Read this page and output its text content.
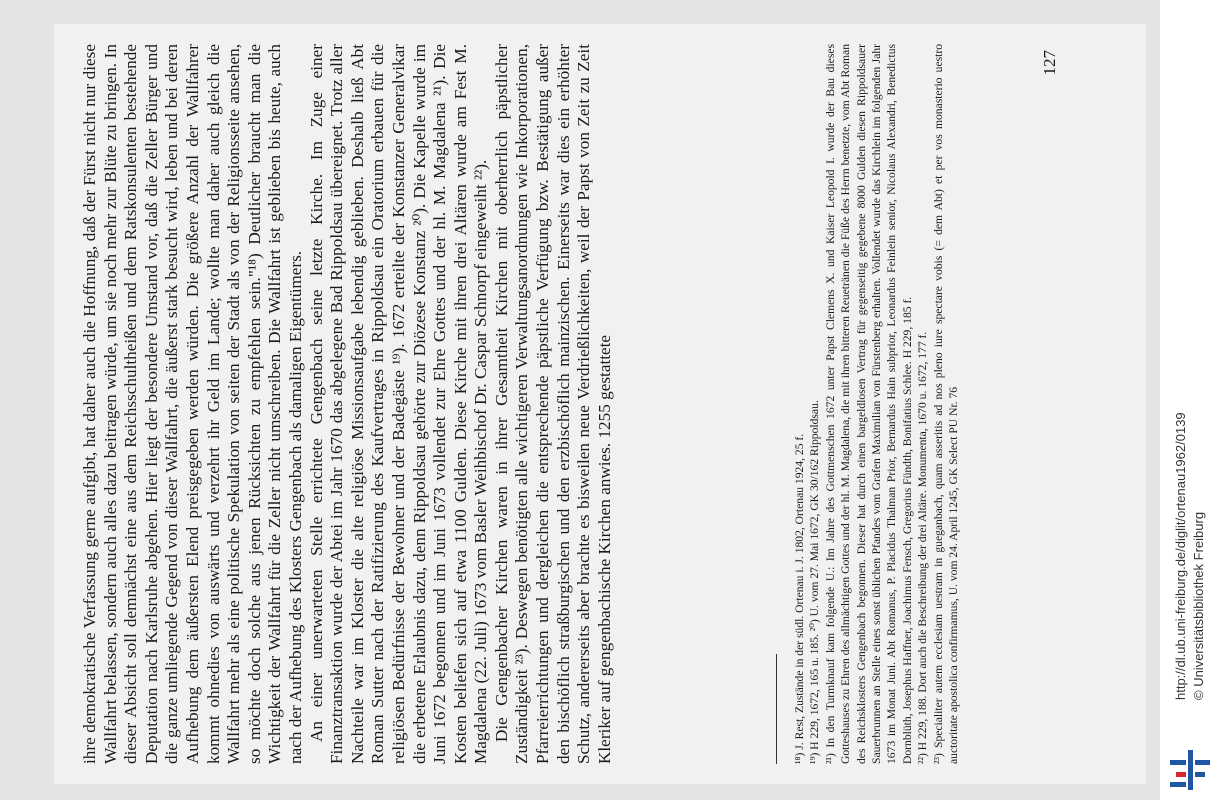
ihre demokratische Verfassung gerne aufgibt, hat daher auch die Hoffnung, daß der Fürst nicht nur diese Wallfahrt belassen, sondern auch alles dazu beitragen würde, um sie noch mehr zur Blüte zu bringen. In dieser Absicht soll demnächst eine aus dem Reichsschultheißen und dem Ratskonsulenten bestehende Deputation nach Karlsruhe abgehen. Hier liegt der besondere Umstand vor, daß die Zeller Bürger und die ganze umliegende Gegend von dieser Wallfahrt, die äußerst stark besucht wird, leben und bei deren Aufhebung dem äußersten Elend preisgegeben werden würden. Die größere Anzahl der Wallfahrer kommt ohnedies von auswärts und verzehrt ihr Geld im Lande; wollte man daher auch gleich die Wallfahrt mehr als eine politische Spekulation von seiten der Stadt als von der Religionsseite ansehen, so möchte doch solche aus jenen Rücksichten zu empfehlen sein."¹⁸) Deutlicher braucht man die Wichtigkeit der Wallfahrt für die Zeller nicht umschreiben. Die Wallfahrt ist geblieben bis heute, auch nach der Aufhebung des Klosters Gengenbach als damaligen Eigentümers. An einer unerwarteten Stelle errichtete Gengenbach seine letzte Kirche. Im Zuge einer Finanztransaktion wurde der Abtei im Jahr 1670 das abgelegene Bad Rippoldsau übereignet. Trotz aller Nachteile war im Kloster die alte religiöse Missionsaufgabe lebendig geblieben. Deshalb ließ Abt Roman Sutter nach der Ratifizierung des Kaufvertrages in Rippoldsau ein Oratorium erbauen für die religiösen Bedürfnisse der Bewohner und der Badegäste ¹⁹). 1672 erteilte der Konstanzer Generalvikar die erbetene Erlaubnis dazu, denn Rippoldsau gehörte zur Diözese Konstanz ²⁰). Die Kapelle wurde im Juni 1672 begonnen und im Juni 1673 vollendet zur Ehre Gottes und der hl. M. Magdalena ²¹). Die Kosten beliefen sich auf etwa 1100 Gulden. Diese Kirche mit ihren drei Altären wurde am Fest M. Magdalena (22. Juli) 1673 vom Basler Weihbischof Dr. Caspar Schnorpf eingeweiht ²²). Die Gengenbacher Kirchen waren in ihrer Gesamtheit Kirchen mit oberherrlich päpstlicher Zuständigkeit ²³). Deswegen benötigten alle wichtigeren Verwaltungsanordnungen wie Inkorporationen, Pfarreierrichtungen und dergleichen die entsprechende päpstliche Verfügung bzw. Bestätigung außer den bischöflich straßburgischen und den erzbischöflich mainzischen. Einerseits war dies ein erhöhter Schutz, andererseits aber brachte es bisweilen neue Verdrießlichkeiten, weil der Papst von Zeit zu Zeit Kleriker auf gengenbachische Kirchen anwies. 1255 gestattete	¹⁸) J. Rest, Zustände in der südl. Ortenau i. J. 1802, Ortenau 1924, 25 f. ¹⁹) H 229, 1672, 165 u. 185. ²⁰) U. vom 27. Mai 1672, GK 30/162 Rippoldsau. ²¹) In den Turmknauf kam folgende U.: Im Jahre des Gottmenschen 1672 unter Papst Clemens X. und Kaiser Leopold I. wurde der Bau dieses Gotteshauses zu Ehren des allmächtigen Gottes und der hl. M. Magdalena, die mit ihren bitteren Reuetränen die Füße des Herrn benetzte, vom Abt Roman des Reichsklosters Gengenbach begonnen. Dieser hat durch einen bargeldlosen Vertrag für gegenseitig gegebene 8000 Gulden diesen Rippoldsauer Sauerbrunnen an Stelle eines sonst üblichen Pfandes vom Grafen Maximilian von Fürstenberg erhalten. Vollendet wurde das Kirchlein im folgenden Jahr 1673 im Monat Juni. Abt Romanus, P. Placidus Thalman Prior, Bernardus Hain subprior, Leonardus Feinlein senior, Nicolaus Alexandri, Benedictus Dornblüth, Josephus Haffner, Joachimus Fensch, Gregorius Fündth, Bonifatius Schlee. H 229, 185 f. ²²) H 229, 188. Dort auch die Beschreibung der drei Altäre. Monumenta, 1670 u. 1672, 177 f. ²³) Specialiter autem ecclesiam uestram in gueganbach, quam asseritis ad nos pleno iure spectare vobis (= dem Abt) et per vos monasterio uestro auctoritate apostolica confirmamus, U. vom 24. April 1245, GK Select PU Nr. 76

127
http://dl.ub.uni-freiburg.de/diglit/ortenau1962/0139 © Universitätsbibliothek Freiburg
